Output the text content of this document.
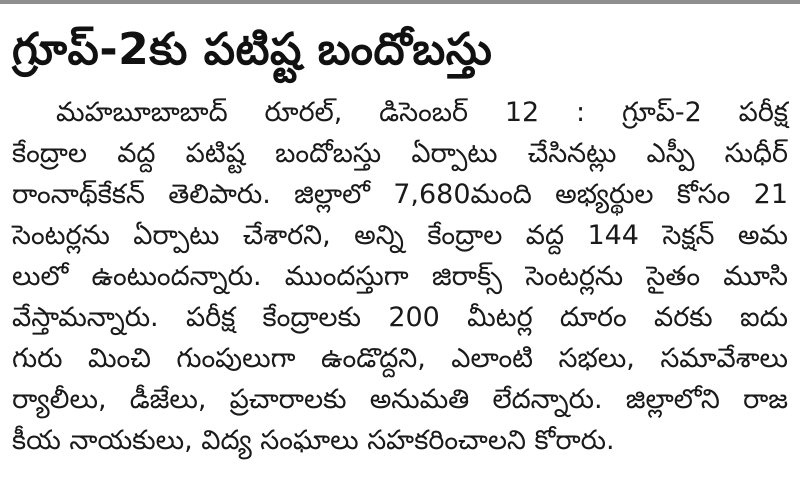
గ్రూప్-2కు పటిష్ట బందోబస్తు
మహబూబాబాద్ రూరల్, డిసెంబర్ 12 : గ్రూప్-2 పరీక్ష
కేంద్రాల వద్ద పటిష్ట బందోబస్తు ఏర్పాటు చేసినట్లు ఎస్పీ సుధీర్
రాంనాథ్‌కేకన్ తెలిపారు. జిల్లాలో 7,680మంది అభ్యర్థుల కోసం 21
సెంటర్లను ఏర్పాటు చేశారని, అన్ని కేంద్రాల వద్ద 144 సెక్షన్ అమ
లులో ఉంటుందన్నారు. ముందస్తుగా జిరాక్స్ సెంటర్లను సైతం మూసి
వేస్తామన్నారు. పరీక్ష కేంద్రాలకు 200 మీటర్ల దూరం వరకు ఐదు
గురు మించి గుంపులుగా ఉండొద్దని, ఎలాంటి సభలు, సమావేశాలు
ర్యాలీలు, డీజేలు, ప్రచారాలకు అనుమతి లేదన్నారు. జిల్లాలోని రాజ
కీయ నాయకులు, విద్య సంఘాలు సహకరించాలని కోరారు.
